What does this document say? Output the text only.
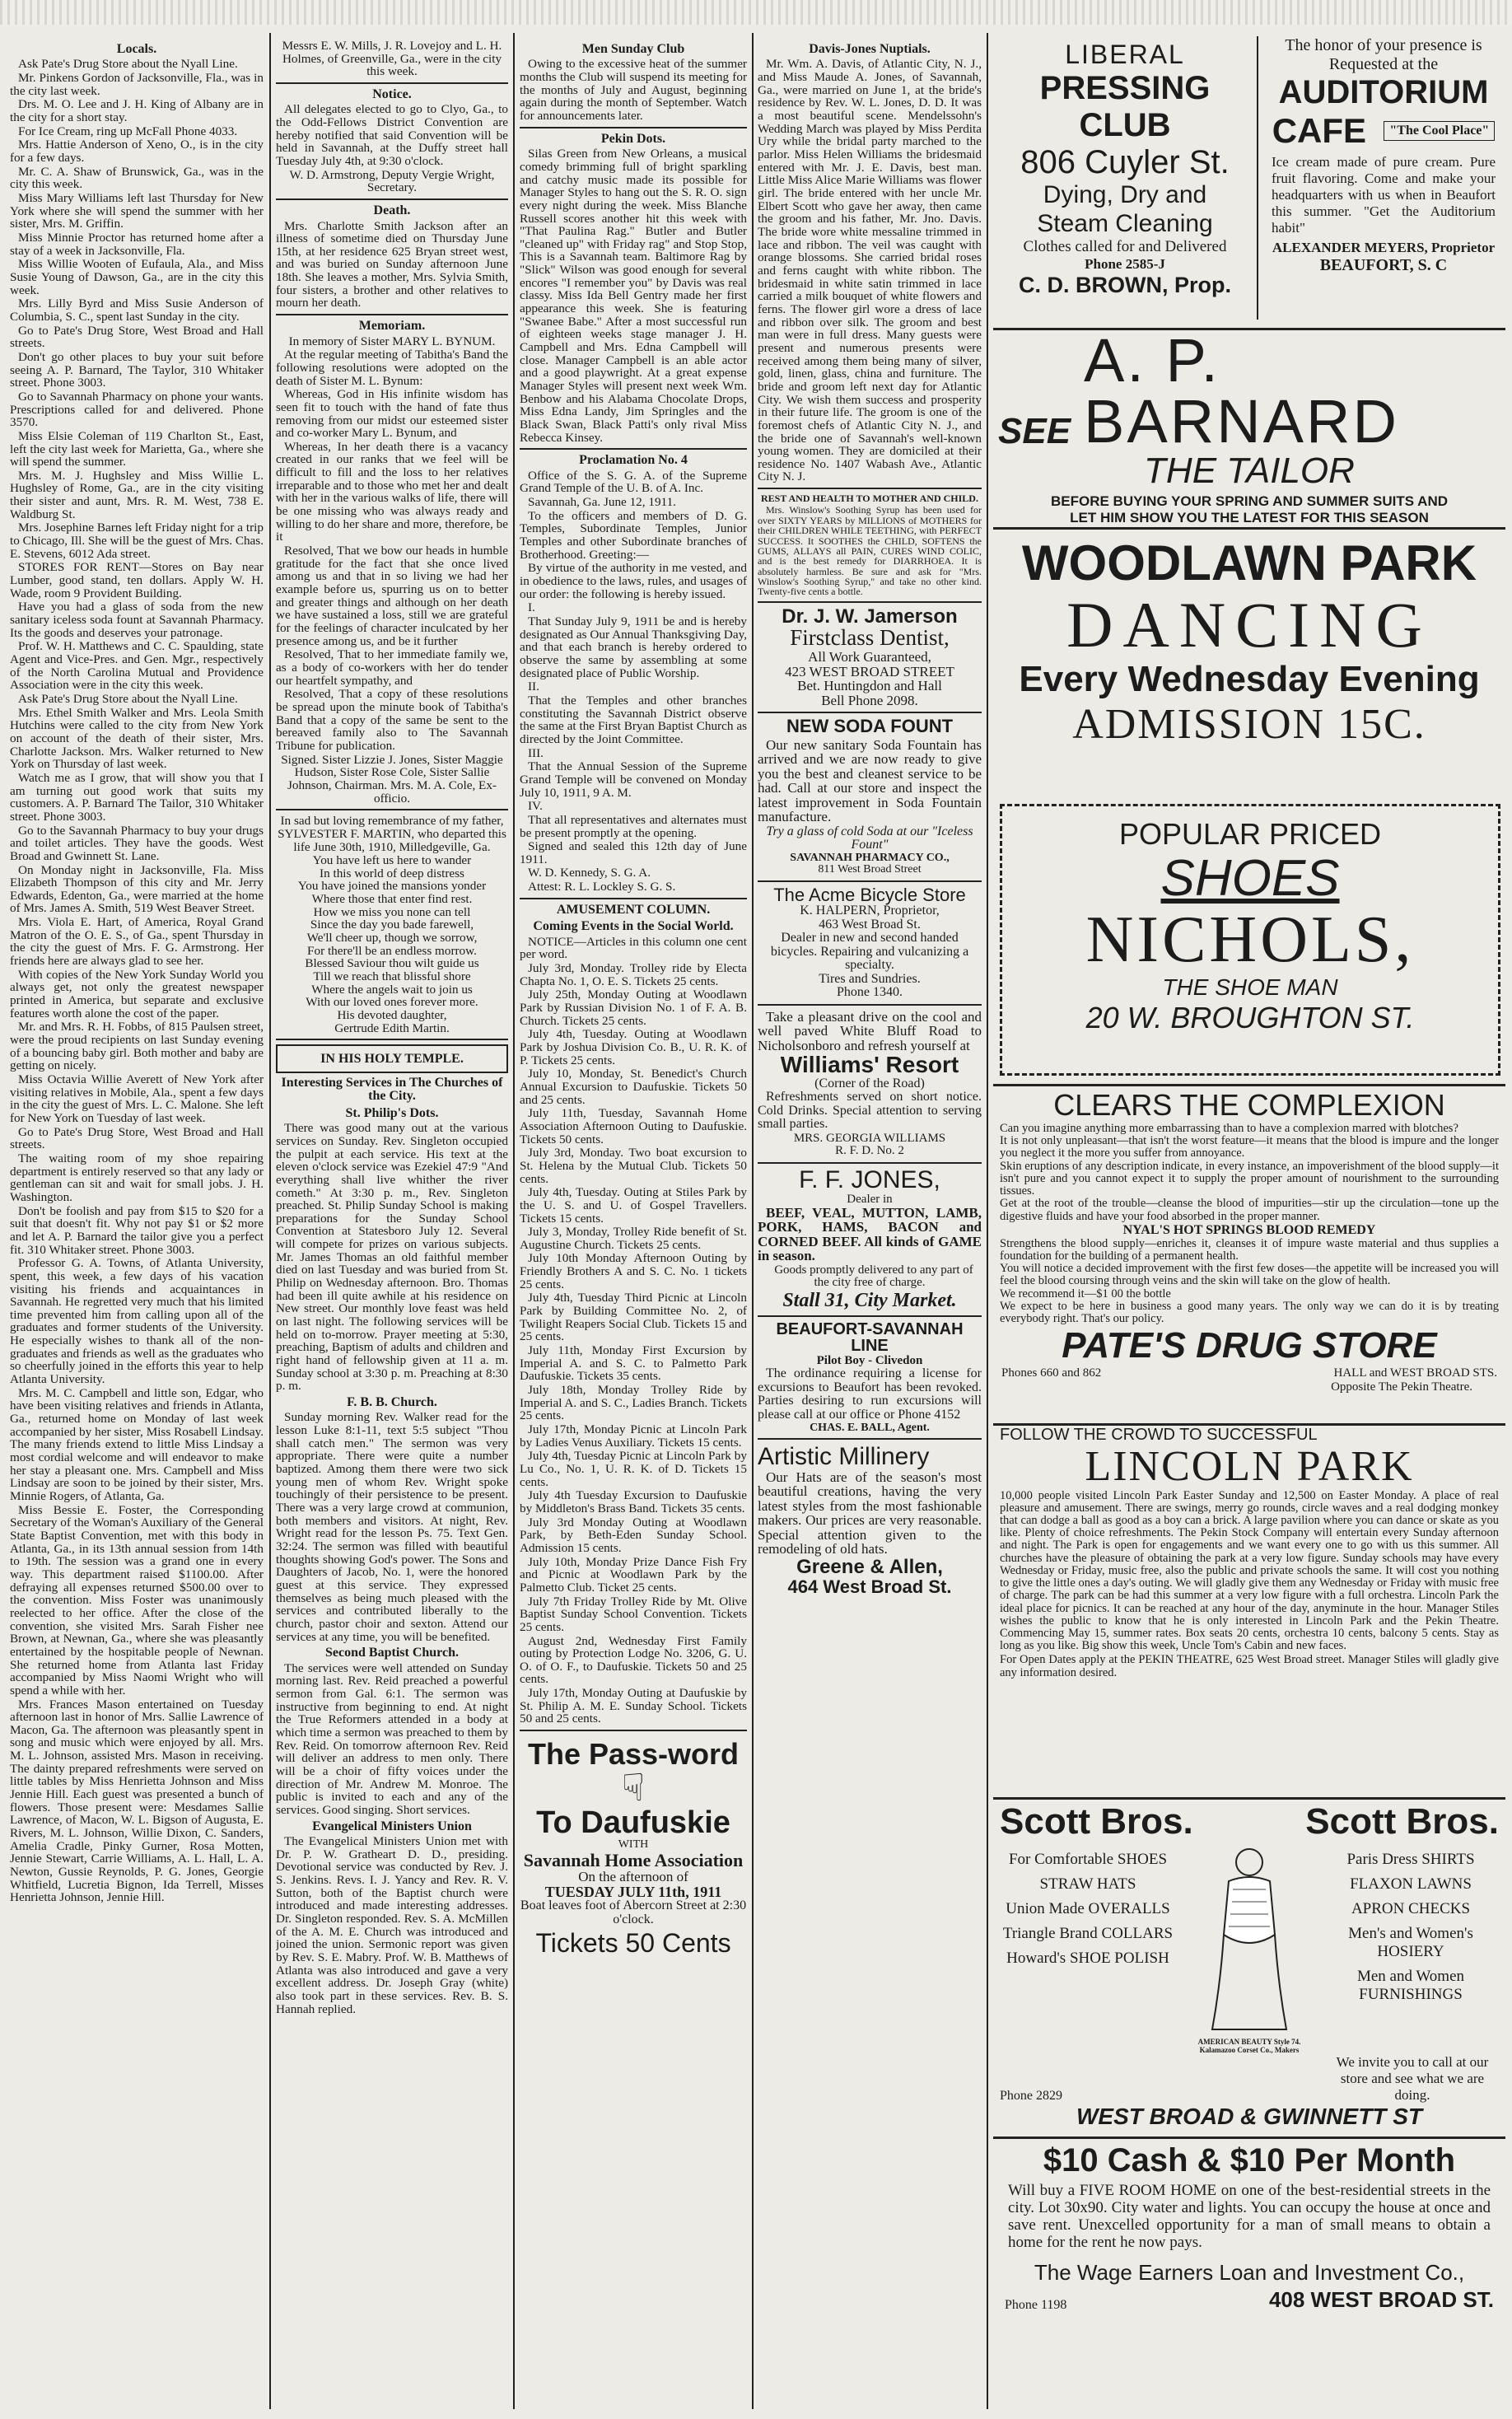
Locals.

Ask Pate's Drug Store about the Nyall Line.

Mr. Pinkens Gordon of Jacksonville, Fla., was in the city last week.

Drs. M. O. Lee and J. H. King of Albany are in the city for a short stay.

For Ice Cream, ring up McFall Phone 4033.

Mrs. Hattie Anderson of Xeno, O., is in the city for a few days.

Mr. C. A. Shaw of Brunswick, Ga., was in the city this week.

Miss Mary Williams left last Thursday for New York where she will spend the summer with her sister, Mrs. M. Griffin.

Miss Minnie Proctor has returned home after a stay of a week in Jacksonville, Fla.

Miss Willie Wooten of Eufaula, Ala., and Miss Susie Young of Dawson, Ga., are in the city this week.

Mrs. Lilly Byrd and Miss Susie Anderson of Columbia, S. C., spent last Sunday in the city.

Go to Pate's Drug Store, West Broad and Hall streets.

Don't go other places to buy your suit before seeing A. P. Barnard, The Taylor, 310 Whitaker street. Phone 3003.

Go to Savannah Pharmacy on phone your wants. Prescriptions called for and delivered. Phone 3570.

Miss Elsie Coleman of 119 Charlton St., East, left the city last week for Marietta, Ga., where she will spend the summer.

Mrs. M. J. Hughsley and Miss Willie L. Hughsley of Rome, Ga., are in the city visiting their sister and aunt, Mrs. R. M. West, 738 E. Waldburg St.

Mrs. Josephine Barnes left Friday night for a trip to Chicago, Ill. She will be the guest of Mrs. Chas. E. Stevens, 6012 Ada street.

STORES FOR RENT—Stores on Bay near Lumber, good stand, ten dollars. Apply W. H. Wade, room 9 Provident Building.

Have you had a glass of soda from the new sanitary iceless soda fount at Savannah Pharmacy. Its the goods and deserves your patronage.

Prof. W. H. Matthews and C. C. Spaulding, state Agent and Vice-Pres. and Gen. Mgr., respectively of the North Carolina Mutual and Providence Association were in the city this week.

Ask Pate's Drug Store about the Nyall Line.

Mrs. Ethel Smith Walker and Mrs. Leola Smith Hutchins were called to the city from New York on account of the death of their sister, Mrs. Charlotte Jackson. Mrs. Walker returned to New York on Thursday of last week.

Watch me as I grow, that will show you that I am turning out good work that suits my customers. A. P. Barnard The Tailor, 310 Whitaker street. Phone 3003.

Go to the Savannah Pharmacy to buy your drugs and toilet articles. They have the goods. West Broad and Gwinnett St. Lane.

On Monday night in Jacksonville, Fla. Miss Elizabeth Thompson of this city and Mr. Jerry Edwards, Edenton, Ga., were married at the home of Mrs. James A. Smith, 519 West Beaver Street.

Mrs. Viola E. Hart, of America, Royal Grand Matron of the O. E. S., of Ga., spent Thursday in the city the guest of Mrs. F. G. Armstrong. Her friends here are always glad to see her.

With copies of the New York Sunday World you always get, not only the greatest newspaper printed in America, but separate and exclusive features worth alone the cost of the paper.

Mr. and Mrs. R. H. Fobbs, of 815 Paulsen street, were the proud recipients on last Sunday evening of a bouncing baby girl. Both mother and baby are getting on nicely.

Miss Octavia Willie Averett of New York after visiting relatives in Mobile, Ala., spent a few days in the city the guest of Mrs. L. C. Malone. She left for New York on Tuesday of last week.

Go to Pate's Drug Store, West Broad and Hall streets.

The waiting room of my shoe repairing department is entirely reserved so that any lady or gentleman can sit and wait for small jobs. J. H. Washington.

Don't be foolish and pay from $15 to $20 for a suit that doesn't fit. Why not pay $1 or $2 more and let A. P. Barnard the tailor give you a perfect fit. 310 Whitaker street. Phone 3003.

Professor G. A. Towns, of Atlanta University, spent, this week, a few days of his vacation visiting his friends and acquaintances in Savannah. He regretted very much that his limited time prevented him from calling upon all of the graduates and former students of the University. He especially wishes to thank all of the non-graduates and friends as well as the graduates who so cheerfully joined in the efforts this year to help Atlanta University.

Mrs. M. C. Campbell and little son, Edgar, who have been visiting relatives and friends in Atlanta, Ga., returned home on Monday of last week accompanied by her sister, Miss Rosabell Lindsay. The many friends extend to little Miss Lindsay a most cordial welcome and will endeavor to make her stay a pleasant one. Mrs. Campbell and Miss Lindsay are soon to be joined by their sister, Mrs. Minnie Rogers, of Atlanta, Ga.

Miss Bessie E. Foster, the Corresponding Secretary of the Woman's Auxiliary of the General State Baptist Convention, met with this body in Atlanta, Ga., in its 13th annual session from 14th to 19th. The session was a grand one in every way. This department raised $1100.00. After defraying all expenses returned $500.00 over to the convention. Miss Foster was unanimously reelected to her office. After the close of the convention, she visited Mrs. Sarah Fisher nee Brown, at Newnan, Ga., where she was pleasantly entertained by the hospitable people of Newnan. She returned home from Atlanta last Friday accompanied by Miss Naomi Wright who will spend a while with her.

Mrs. Frances Mason entertained on Tuesday afternoon last in honor of Mrs. Sallie Lawrence of Macon, Ga. The afternoon was pleasantly spent in song and music which were enjoyed by all. Mrs. M. L. Johnson, assisted Mrs. Mason in receiving. The dainty prepared refreshments were served on little tables by Miss Henrietta Johnson and Miss Jennie Hill. Each guest was presented a bunch of flowers. Those present were: Mesdames Sallie Lawrence, of Macon, W. L. Bigson of Augusta, E. Rivers, M. L. Johnson, Willie Dixon, C. Sanders, Amelia Cradle, Pinky Gurner, Rosa Motten, Jennie Stewart, Carrie Williams, A. L. Hall, L. A. Newton, Gussie Reynolds, P. G. Jones, Georgie Whitfield, Lucretia Bignon, Ida Terrell, Misses Henrietta Johnson, Jennie Hill.

Messrs E. W. Mills, J. R. Lovejoy and L. H. Holmes, of Greenville, Ga., were in the city this week.

Notice.

All delegates elected to go to Clyo, Ga., to the Odd-Fellows District Convention are hereby notified that said Convention will be held in Savannah, at the Duffy street hall Tuesday July 4th, at 9:30 o'clock.

W. D. Armstrong, Deputy Vergie Wright, Secretary.

Death.

Mrs. Charlotte Smith Jackson after an illness of sometime died on Thursday June 15th, at her residence 625 Bryan street west, and was buried on Sunday afternoon June 18th. She leaves a mother, Mrs. Sylvia Smith, four sisters, a brother and other relatives to mourn her death.

Memoriam.

In memory of Sister MARY L. BYNUM.

At the regular meeting of Tabitha's Band the following resolutions were adopted on the death of Sister M. L. Bynum:

Whereas, God in His infinite wisdom has seen fit to touch with the hand of fate thus removing from our midst our esteemed sister and co-worker Mary L. Bynum, and

Whereas, In her death there is a vacancy created in our ranks that we feel will be difficult to fill and the loss to her relatives irreparable and to those who met her and dealt with her in the various walks of life, there will be one missing who was always ready and willing to do her share and more, therefore, be it

Resolved, That we bow our heads in humble gratitude for the fact that she once lived among us and that in so living we had her example before us, spurring us on to better and greater things and although on her death we have sustained a loss, still we are grateful for the feelings of character inculcated by her presence among us, and be it further

Resolved, That to her immediate family we, as a body of co-workers with her do tender our heartfelt sympathy, and

Resolved, That a copy of these resolutions be spread upon the minute book of Tabitha's Band that a copy of the same be sent to the bereaved family also to The Savannah Tribune for publication.

Signed. Sister Lizzie J. Jones, Sister Maggie Hudson, Sister Rose Cole, Sister Sallie Johnson, Chairman. Mrs. M. A. Cole, Ex-officio.

In sad but loving remembrance of my father, SYLVESTER F. MARTIN, who departed this life June 30th, 1910, Milledgeville, Ga.

You have left us here to wander
In this world of deep distress
You have joined the mansions yonder
Where those that enter find rest.
How we miss you none can tell
Since the day you bade farewell,
We'll cheer up, though we sorrow,
For there'll be an endless morrow.
Blessed Saviour thou wilt guide us
Till we reach that blissful shore
Where the angels wait to join us
With our loved ones forever more.
His devoted daughter,
Gertrude Edith Martin.
IN HIS HOLY TEMPLE.
Interesting Services in The Churches of the City.
St. Philip's Dots.

There was good many out at the various services on Sunday. Rev. Singleton occupied the pulpit at each service. His text at the eleven o'clock service was Ezekiel 47:9 "And everything shall live whither the river cometh." At 3:30 p. m., Rev. Singleton preached. St. Philip Sunday School is making preparations for the Sunday School Convention at Statesboro July 12. Several will compete for prizes on various subjects. Mr. James Thomas an old faithful member died on last Tuesday and was buried from St. Philip on Wednesday afternoon. Bro. Thomas had been ill quite awhile at his residence on New street. Our monthly love feast was held on last night. The following services will be held on to-morrow. Prayer meeting at 5:30, preaching, Baptism of adults and children and right hand of fellowship given at 11 a. m. Sunday school at 3:30 p. m. Preaching at 8:30 p. m.

F. B. B. Church.

Sunday morning Rev. Walker read for the lesson Luke 8:1-11, text 5:5 subject "Thou shall catch men." The sermon was very appropriate. There were quite a number baptized. Among them there were two sick young men of whom Rev. Wright spoke touchingly of their persistence to be present. There was a very large crowd at communion, both members and visitors. At night, Rev. Wright read for the lesson Ps. 75. Text Gen. 32:24. The sermon was filled with beautiful thoughts showing God's power. The Sons and Daughters of Jacob, No. 1, were the honored guest at this service. They expressed themselves as being much pleased with the services and contributed liberally to the church, pastor choir and sexton. Attend our services at any time, you will be benefited.

Second Baptist Church.

The services were well attended on Sunday morning last. Rev. Reid preached a powerful sermon from Gal. 6:1. The sermon was instructive from beginning to end. At night the True Reformers attended in a body at which time a sermon was preached to them by Rev. Reid. On tomorrow afternoon Rev. Reid will deliver an address to men only. There will be a choir of fifty voices under the direction of Mr. Andrew M. Monroe. The public is invited to each and any of the services. Good singing. Short services.

Evangelical Ministers Union

The Evangelical Ministers Union met with Dr. P. W. Gratheart D. D., presiding. Devotional service was conducted by Rev. J. S. Jenkins. Revs. I. J. Yancy and Rev. R. V. Sutton, both of the Baptist church were introduced and made interesting addresses. Dr. Singleton responded. Rev. S. A. McMillen of the A. M. E. Church was introduced and joined the union. Sermonic report was given by Rev. S. E. Mabry. Prof. W. B. Matthews of Atlanta was also introduced and gave a very excellent address. Dr. Joseph Gray (white) also took part in these services. Rev. B. S. Hannah replied.

Men Sunday Club

Owing to the excessive heat of the summer months the Club will suspend its meeting for the months of July and August, beginning again during the month of September. Watch for announcements later.

Pekin Dots.

Silas Green from New Orleans, a musical comedy brimming full of bright sparkling and catchy music made its possible for Manager Styles to hang out the S. R. O. sign every night during the week. Miss Blanche Russell scores another hit this week with "That Paulina Rag." Butler and Butler "cleaned up" with Friday rag" and Stop Stop, This is a Savannah team. Baltimore Rag by "Slick" Wilson was good enough for several encores "I remember you" by Davis was real classy. Miss Ida Bell Gentry made her first appearance this week. She is featuring "Swanee Babe." After a most successful run of eighteen weeks stage manager J. H. Campbell and Mrs. Edna Campbell will close. Manager Campbell is an able actor and a good playwright. At a great expense Manager Styles will present next week Wm. Benbow and his Alabama Chocolate Drops, Miss Edna Landy, Jim Springles and the Black Swan, Black Patti's only rival Miss Rebecca Kinsey.

Proclamation No. 4

Office of the S. G. A. of the Supreme Grand Temple of the U. B. of A. Inc.

Savannah, Ga. June 12, 1911.

To the officers and members of D. G. Temples, Subordinate Temples, Junior Temples and other Subordinate branches of Brotherhood. Greeting:—

By virtue of the authority in me vested, and in obedience to the laws, rules, and usages of our order: the following is hereby issued.

I.

That Sunday July 9, 1911 be and is hereby designated as Our Annual Thanksgiving Day, and that each branch is hereby ordered to observe the same by assembling at some designated place of Public Worship.

II.

That the Temples and other branches constituting the Savannah District observe the same at the First Bryan Baptist Church as directed by the Joint Committee.

III.

That the Annual Session of the Supreme Grand Temple will be convened on Monday July 10, 1911, 9 A. M.

IV.

That all representatives and alternates must be present promptly at the opening.

Signed and sealed this 12th day of June 1911.

W. D. Kennedy, S. G. A.

Attest: R. L. Lockley S. G. S.

AMUSEMENT COLUMN.
Coming Events in the Social World.

NOTICE—Articles in this column one cent per word.

July 3rd, Monday. Trolley ride by Electa Chapta No. 1, O. E. S. Tickets 25 cents.

July 25th, Monday Outing at Woodlawn Park by Russian Division No. 1 of F. A. B. Church. Tickets 25 cents.

July 4th, Tuesday. Outing at Woodlawn Park by Joshua Division Co. B., U. R. K. of P. Tickets 25 cents.

July 10, Monday, St. Benedict's Church Annual Excursion to Daufuskie. Tickets 50 and 25 cents.

July 11th, Tuesday, Savannah Home Association Afternoon Outing to Daufuskie. Tickets 50 cents.

July 3rd, Monday. Two boat excursion to St. Helena by the Mutual Club. Tickets 50 cents.

July 4th, Tuesday. Outing at Stiles Park by the U. S. and U. of Gospel Travellers. Tickets 15 cents.

July 3, Monday, Trolley Ride benefit of St. Augustine Church. Tickets 25 cents.

July 10th Monday Afternoon Outing by Friendly Brothers A and S. C. No. 1 tickets 25 cents.

July 4th, Tuesday Third Picnic at Lincoln Park by Building Committee No. 2, of Twilight Reapers Social Club. Tickets 15 and 25 cents.

July 11th, Monday First Excursion by Imperial A. and S. C. to Palmetto Park Daufuskie. Tickets 35 cents.

July 18th, Monday Trolley Ride by Imperial A. and S. C., Ladies Branch. Tickets 25 cents.

July 17th, Monday Picnic at Lincoln Park by Ladies Venus Auxiliary. Tickets 15 cents.

July 4th, Tuesday Picnic at Lincoln Park by Lu Co., No. 1, U. R. K. of D. Tickets 15 cents.

July 4th Tuesday Excursion to Daufuskie by Middleton's Brass Band. Tickets 35 cents.

July 3rd Monday Outing at Woodlawn Park, by Beth-Eden Sunday School. Admission 15 cents.

July 10th, Monday Prize Dance Fish Fry and Picnic at Woodlawn Park by the Palmetto Club. Ticket 25 cents.

July 7th Friday Trolley Ride by Mt. Olive Baptist Sunday School Convention. Tickets 25 cents.

August 2nd, Wednesday First Family outing by Protection Lodge No. 3206, G. U. O. of O. F., to Daufuskie. Tickets 50 and 25 cents.

July 17th, Monday Outing at Daufuskie by St. Philip A. M. E. Sunday School. Tickets 50 and 25 cents.

The Pass-word
☟
To Daufuskie
WITH
Savannah Home Association
On the afternoon of
TUESDAY JULY 11th, 1911
Boat leaves foot of Abercorn Street at 2:30 o'clock.
Tickets 50 Cents
Davis-Jones Nuptials.

Mr. Wm. A. Davis, of Atlantic City, N. J., and Miss Maude A. Jones, of Savannah, Ga., were married on June 1, at the bride's residence by Rev. W. L. Jones, D. D. It was a most beautiful scene. Mendelssohn's Wedding March was played by Miss Perdita Ury while the bridal party marched to the parlor. Miss Helen Williams the bridesmaid entered with Mr. J. E. Davis, best man. Little Miss Alice Marie Williams was flower girl. The bride entered with her uncle Mr. Elbert Scott who gave her away, then came the groom and his father, Mr. Jno. Davis. The bride wore white messaline trimmed in lace and ribbon. The veil was caught with orange blossoms. She carried bridal roses and ferns caught with white ribbon. The bridesmaid in white satin trimmed in lace carried a milk bouquet of white flowers and ferns. The flower girl wore a dress of lace and ribbon over silk. The groom and best man were in full dress. Many guests were present and numerous presents were received among them being many of silver, gold, linen, glass, china and furniture. The bride and groom left next day for Atlantic City. We wish them success and prosperity in their future life. The groom is one of the foremost chefs of Atlantic City N. J., and the bride one of Savannah's well-known young women. They are domiciled at their residence No. 1407 Wabash Ave., Atlantic City N. J.

REST AND HEALTH TO MOTHER AND CHILD.

Mrs. Winslow's Soothing Syrup has been used for over SIXTY YEARS by MILLIONS of MOTHERS for their CHILDREN WHILE TEETHING, with PERFECT SUCCESS. It SOOTHES the CHILD, SOFTENS the GUMS, ALLAYS all PAIN, CURES WIND COLIC, and is the best remedy for DIARRHOEA. It is absolutely harmless. Be sure and ask for "Mrs. Winslow's Soothing Syrup," and take no other kind. Twenty-five cents a bottle.

Dr. J. W. Jamerson
Firstclass Dentist,
All Work Guaranteed,
423 WEST BROAD STREET
Bet. Huntingdon and Hall
Bell Phone 2098.
NEW SODA FOUNT

Our new sanitary Soda Fountain has arrived and we are now ready to give you the best and cleanest service to be had. Call at our store and inspect the latest improvement in Soda Fountain manufacture.

Try a glass of cold Soda at our "Iceless Fount"
SAVANNAH PHARMACY CO.,
811 West Broad Street
The Acme Bicycle Store
K. HALPERN, Proprietor,
463 West Broad St.
Dealer in new and second handed bicycles. Repairing and vulcanizing a specialty.
Tires and Sundries.
Phone 1340.

Take a pleasant drive on the cool and well paved White Bluff Road to Nicholsonboro and refresh yourself at

Williams' Resort
(Corner of the Road)

Refreshments served on short notice. Cold Drinks. Special attention to serving small parties.

MRS. GEORGIA WILLIAMS
R. F. D. No. 2
F. F. JONES,
Dealer in

BEEF, VEAL, MUTTON, LAMB, PORK, HAMS, BACON and CORNED BEEF. All kinds of GAME in season.

Goods promptly delivered to any part of the city free of charge.

Stall 31, City Market.
BEAUFORT-SAVANNAH LINE
Pilot Boy - Clivedon

The ordinance requiring a license for excursions to Beaufort has been revoked. Parties desiring to run excursions will please call at our office or Phone 4152

CHAS. E. BALL, Agent.
Artistic Millinery

Our Hats are of the season's most beautiful creations, having the very latest styles from the most fashionable makers. Our prices are very reasonable. Special attention given to the remodeling of old hats.

Greene & Allen,
464 West Broad St.
LIBERAL
PRESSING CLUB
806 Cuyler St.
Dying, Dry and Steam Cleaning
Clothes called for and Delivered
Phone 2585-J
C. D. BROWN, Prop.
The honor of your presence is Requested at the
AUDITORIUM
CAFE	"The Cool Place"
Ice cream made of pure cream. Pure fruit flavoring. Come and make your headquarters with us when in Beaufort this summer. "Get the Auditorium habit"
ALEXANDER MEYERS, Proprietor
BEAUFORT, S. C
SEE
A. P. BARNARD
THE TAILOR
BEFORE BUYING YOUR SPRING AND SUMMER SUITS AND
LET HIM SHOW YOU THE LATEST FOR THIS SEASON
WOODLAWN PARK
DANCING
Every Wednesday Evening
ADMISSION 15C.
POPULAR PRICED
SHOES
NICHOLS,
THE SHOE MAN
20 W. BROUGHTON ST.
CLEARS THE COMPLEXION

Can you imagine anything more embarrassing than to have a complexion marred with blotches?

It is not only unpleasant—that isn't the worst feature—it means that the blood is impure and the longer you neglect it the more you suffer from annoyance.

Skin eruptions of any description indicate, in every instance, an impoverishment of the blood supply—it isn't pure and you cannot expect it to supply the proper amount of nourishment to the surrounding tissues.

Get at the root of the trouble—cleanse the blood of impurities—stir up the circulation—tone up the digestive fluids and have your food absorbed in the proper manner.

NYAL'S HOT SPRINGS BLOOD REMEDY

Strengthens the blood supply—enriches it, cleanses it of impure waste material and thus supplies a foundation for the building of a permanent health.

You will notice a decided improvement with the first few doses—the appetite will be increased you will feel the blood coursing through veins and the skin will take on the glow of health.

We recommend it—$1 00 the bottle

We expect to be here in business a good many years. The only way we can do it is by treating everybody right. That's our policy.

PATE'S DRUG STORE
Phones 660 and 862	HALL and WEST BROAD STS.
Opposite The Pekin Theatre.
FOLLOW THE CROWD TO SUCCESSFUL
LINCOLN PARK

10,000 people visited Lincoln Park Easter Sunday and 12,500 on Easter Monday. A place of real pleasure and amusement. There are swings, merry go rounds, circle waves and a real dodging monkey that can dodge a ball as good as a boy can a brick. A large pavilion where you can dance or skate as you like. Plenty of choice refreshments. The Pekin Stock Company will entertain every Sunday afternoon and night. The Park is open for engagements and we want every one to go with us this summer. All churches have the pleasure of obtaining the park at a very low figure. Sunday schools may have every Wednesday or Friday, music free, also the public and private schools the same. It will cost you nothing to give the little ones a day's outing. We will gladly give them any Wednesday or Friday with music free of charge. The park can be had this summer at a very low figure with a full orchestra. Lincoln Park the ideal place for picnics. It can be reached at any hour of the day, anyminute in the hour. Manager Stiles wishes the public to know that he is only interested in Lincoln Park and the Pekin Theatre. Commencing May 15, summer rates. Box seats 20 cents, orchestra 10 cents, balcony 5 cents. Stay as long as you like. Big show this week, Uncle Tom's Cabin and new faces.

For Open Dates apply at the PEKIN THEATRE, 625 West Broad street. Manager Stiles will gladly give any information desired.

Scott Bros.	Scott Bros.
For Comfortable SHOES
STRAW HATS
Union Made OVERALLS
Triangle Brand COLLARS
Howard's SHOE POLISH
AMERICAN BEAUTY Style 74. Kalamazoo Corset Co., Makers
Paris Dress SHIRTS
FLAXON LAWNS
APRON CHECKS
Men's and Women's HOSIERY
Men and Women FURNISHINGS
Phone 2829
We invite you to call at our store and see what we are doing.
WEST BROAD & GWINNETT ST
$10 Cash & $10 Per Month

Will buy a FIVE ROOM HOME on one of the best-residential streets in the city. Lot 30x90. City water and lights. You can occupy the house at once and save rent. Unexcelled opportunity for a man of small means to obtain a home for the rent he now pays.

The Wage Earners Loan and Investment Co.,
Phone 1198	408 WEST BROAD ST.
